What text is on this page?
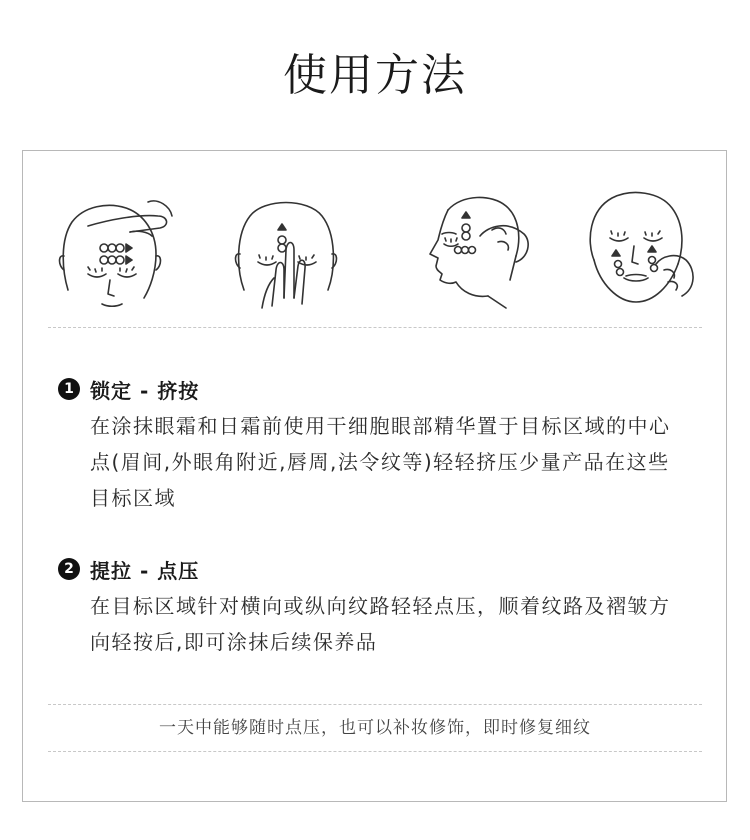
使用方法
1 锁定 - 挤按
在涂抹眼霜和日霜前使用干细胞眼部精华置于目标区域的中心点(眉间,外眼角附近,唇周,法令纹等)轻轻挤压少量产品在这些目标区域
2 提拉 - 点压
在目标区域针对横向或纵向纹路轻轻点压，顺着纹路及褶皱方向轻按后,即可涂抹后续保养品
一天中能够随时点压，也可以补妆修饰，即时修复细纹
